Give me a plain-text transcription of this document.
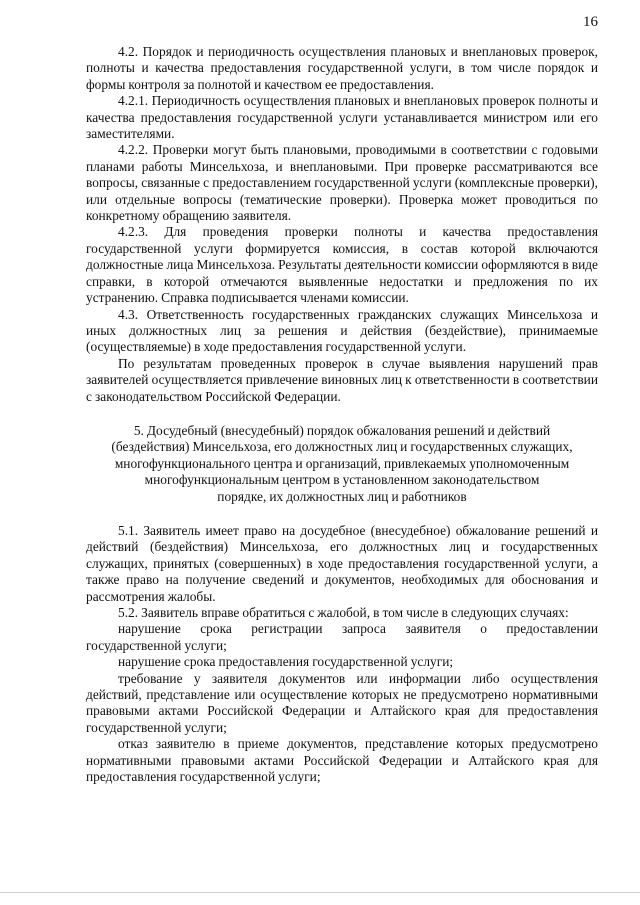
16

4.2. Порядок и периодичность осуществления плановых и внеплановых проверок, полноты и качества предоставления государственной услуги, в том числе порядок и формы контроля за полнотой и качеством ее предоставления.

4.2.1. Периодичность осуществления плановых и внеплановых проверок полноты и качества предоставления государственной услуги устанавливается министром или его заместителями.

4.2.2. Проверки могут быть плановыми, проводимыми в соответствии с годовыми планами работы Минсельхоза, и внеплановыми. При проверке рассматриваются все вопросы, связанные с предоставлением государственной услуги (комплексные проверки), или отдельные вопросы (тематические проверки). Проверка может проводиться по конкретному обращению заявителя.

4.2.3. Для проведения проверки полноты и качества предоставления государственной услуги формируется комиссия, в состав которой включаются должностные лица Минсельхоза. Результаты деятельности комиссии оформляются в виде справки, в которой отмечаются выявленные недостатки и предложения по их устранению. Справка подписывается членами комиссии.

4.3. Ответственность государственных гражданских служащих Минсельхоза и иных должностных лиц за решения и действия (бездействие), принимаемые (осуществляемые) в ходе предоставления государственной услуги.

По результатам проведенных проверок в случае выявления нарушений прав заявителей осуществляется привлечение виновных лиц к ответственности в соответствии с законодательством Российской Федерации.

5. Досудебный (внесудебный) порядок обжалования решений и действий
(бездействия) Минсельхоза, его должностных лиц и государственных служащих, многофункционального центра и организаций, привлекаемых уполномоченным многофункциональным центром в установленном законодательством
порядке, их должностных лиц и работников

5.1. Заявитель имеет право на досудебное (внесудебное) обжалование решений и действий (бездействия) Минсельхоза, его должностных лиц и государственных служащих, принятых (совершенных) в ходе предоставления государственной услуги, а также право на получение сведений и документов, необходимых для обоснования и рассмотрения жалобы.

5.2. Заявитель вправе обратиться с жалобой, в том числе в следующих случаях:

нарушение срока регистрации запроса заявителя о предоставлении государственной услуги;

нарушение срока предоставления государственной услуги;

требование у заявителя документов или информации либо осуществления действий, представление или осуществление которых не предусмотрено нормативными правовыми актами Российской Федерации и Алтайского края для предоставления государственной услуги;

отказ заявителю в приеме документов, представление которых предусмотрено нормативными правовыми актами Российской Федерации и Алтайского края для предоставления государственной услуги;
